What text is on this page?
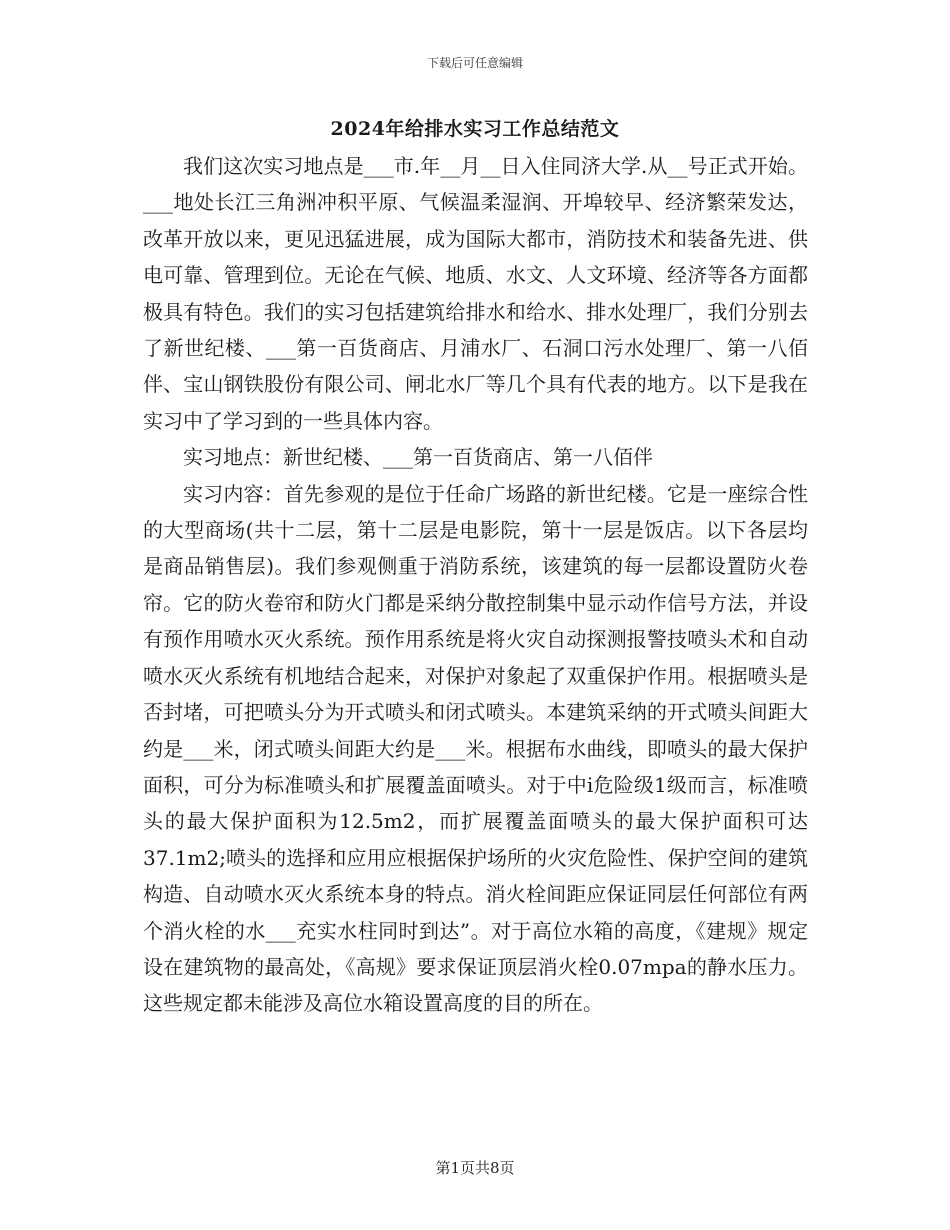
下载后可任意编辑
2024年给排水实习工作总结范文

我们这次实习地点是___市.年__月__日入住同济大学.从__号正式开始。___地处长江三角洲冲积平原、气候温柔湿润、开埠较早、经济繁荣发达，改革开放以来，更见迅猛进展，成为国际大都市，消防技术和装备先进、供电可靠、管理到位。无论在气候、地质、水文、人文环境、经济等各方面都极具有特色。我们的实习包括建筑给排水和给水、排水处理厂，我们分别去了新世纪楼、___第一百货商店、月浦水厂、石洞口污水处理厂、第一八佰伴、宝山钢铁股份有限公司、闸北水厂等几个具有代表的地方。以下是我在实习中了学习到的一些具体内容。

实习地点：新世纪楼、___第一百货商店、第一八佰伴

实习内容：首先参观的是位于任命广场路的新世纪楼。它是一座综合性的大型商场(共十二层，第十二层是电影院，第十一层是饭店。以下各层均是商品销售层)。我们参观侧重于消防系统，该建筑的每一层都设置防火卷帘。它的防火卷帘和防火门都是采纳分散控制集中显示动作信号方法，并设有预作用喷水灭火系统。预作用系统是将火灾自动探测报警技喷头术和自动喷水灭火系统有机地结合起来，对保护对象起了双重保护作用。根据喷头是否封堵，可把喷头分为开式喷头和闭式喷头。本建筑采纳的开式喷头间距大约是___米，闭式喷头间距大约是___米。根据布水曲线，即喷头的最大保护面积，可分为标准喷头和扩展覆盖面喷头。对于中ⅰ危险级1级而言，标准喷头的最大保护面积为12.5m2，而扩展覆盖面喷头的最大保护面积可达37.1m2;喷头的选择和应用应根据保护场所的火灾危险性、保护空间的建筑构造、自动喷水灭火系统本身的特点。消火栓间距应保证同层任何部位有两个消火栓的水___充实水柱同时到达”。对于高位水箱的高度，《建规》规定设在建筑物的最高处，《高规》要求保证顶层消火栓0.07mpa的静水压力。这些规定都未能涉及高位水箱设置高度的目的所在。

第1页共8页
